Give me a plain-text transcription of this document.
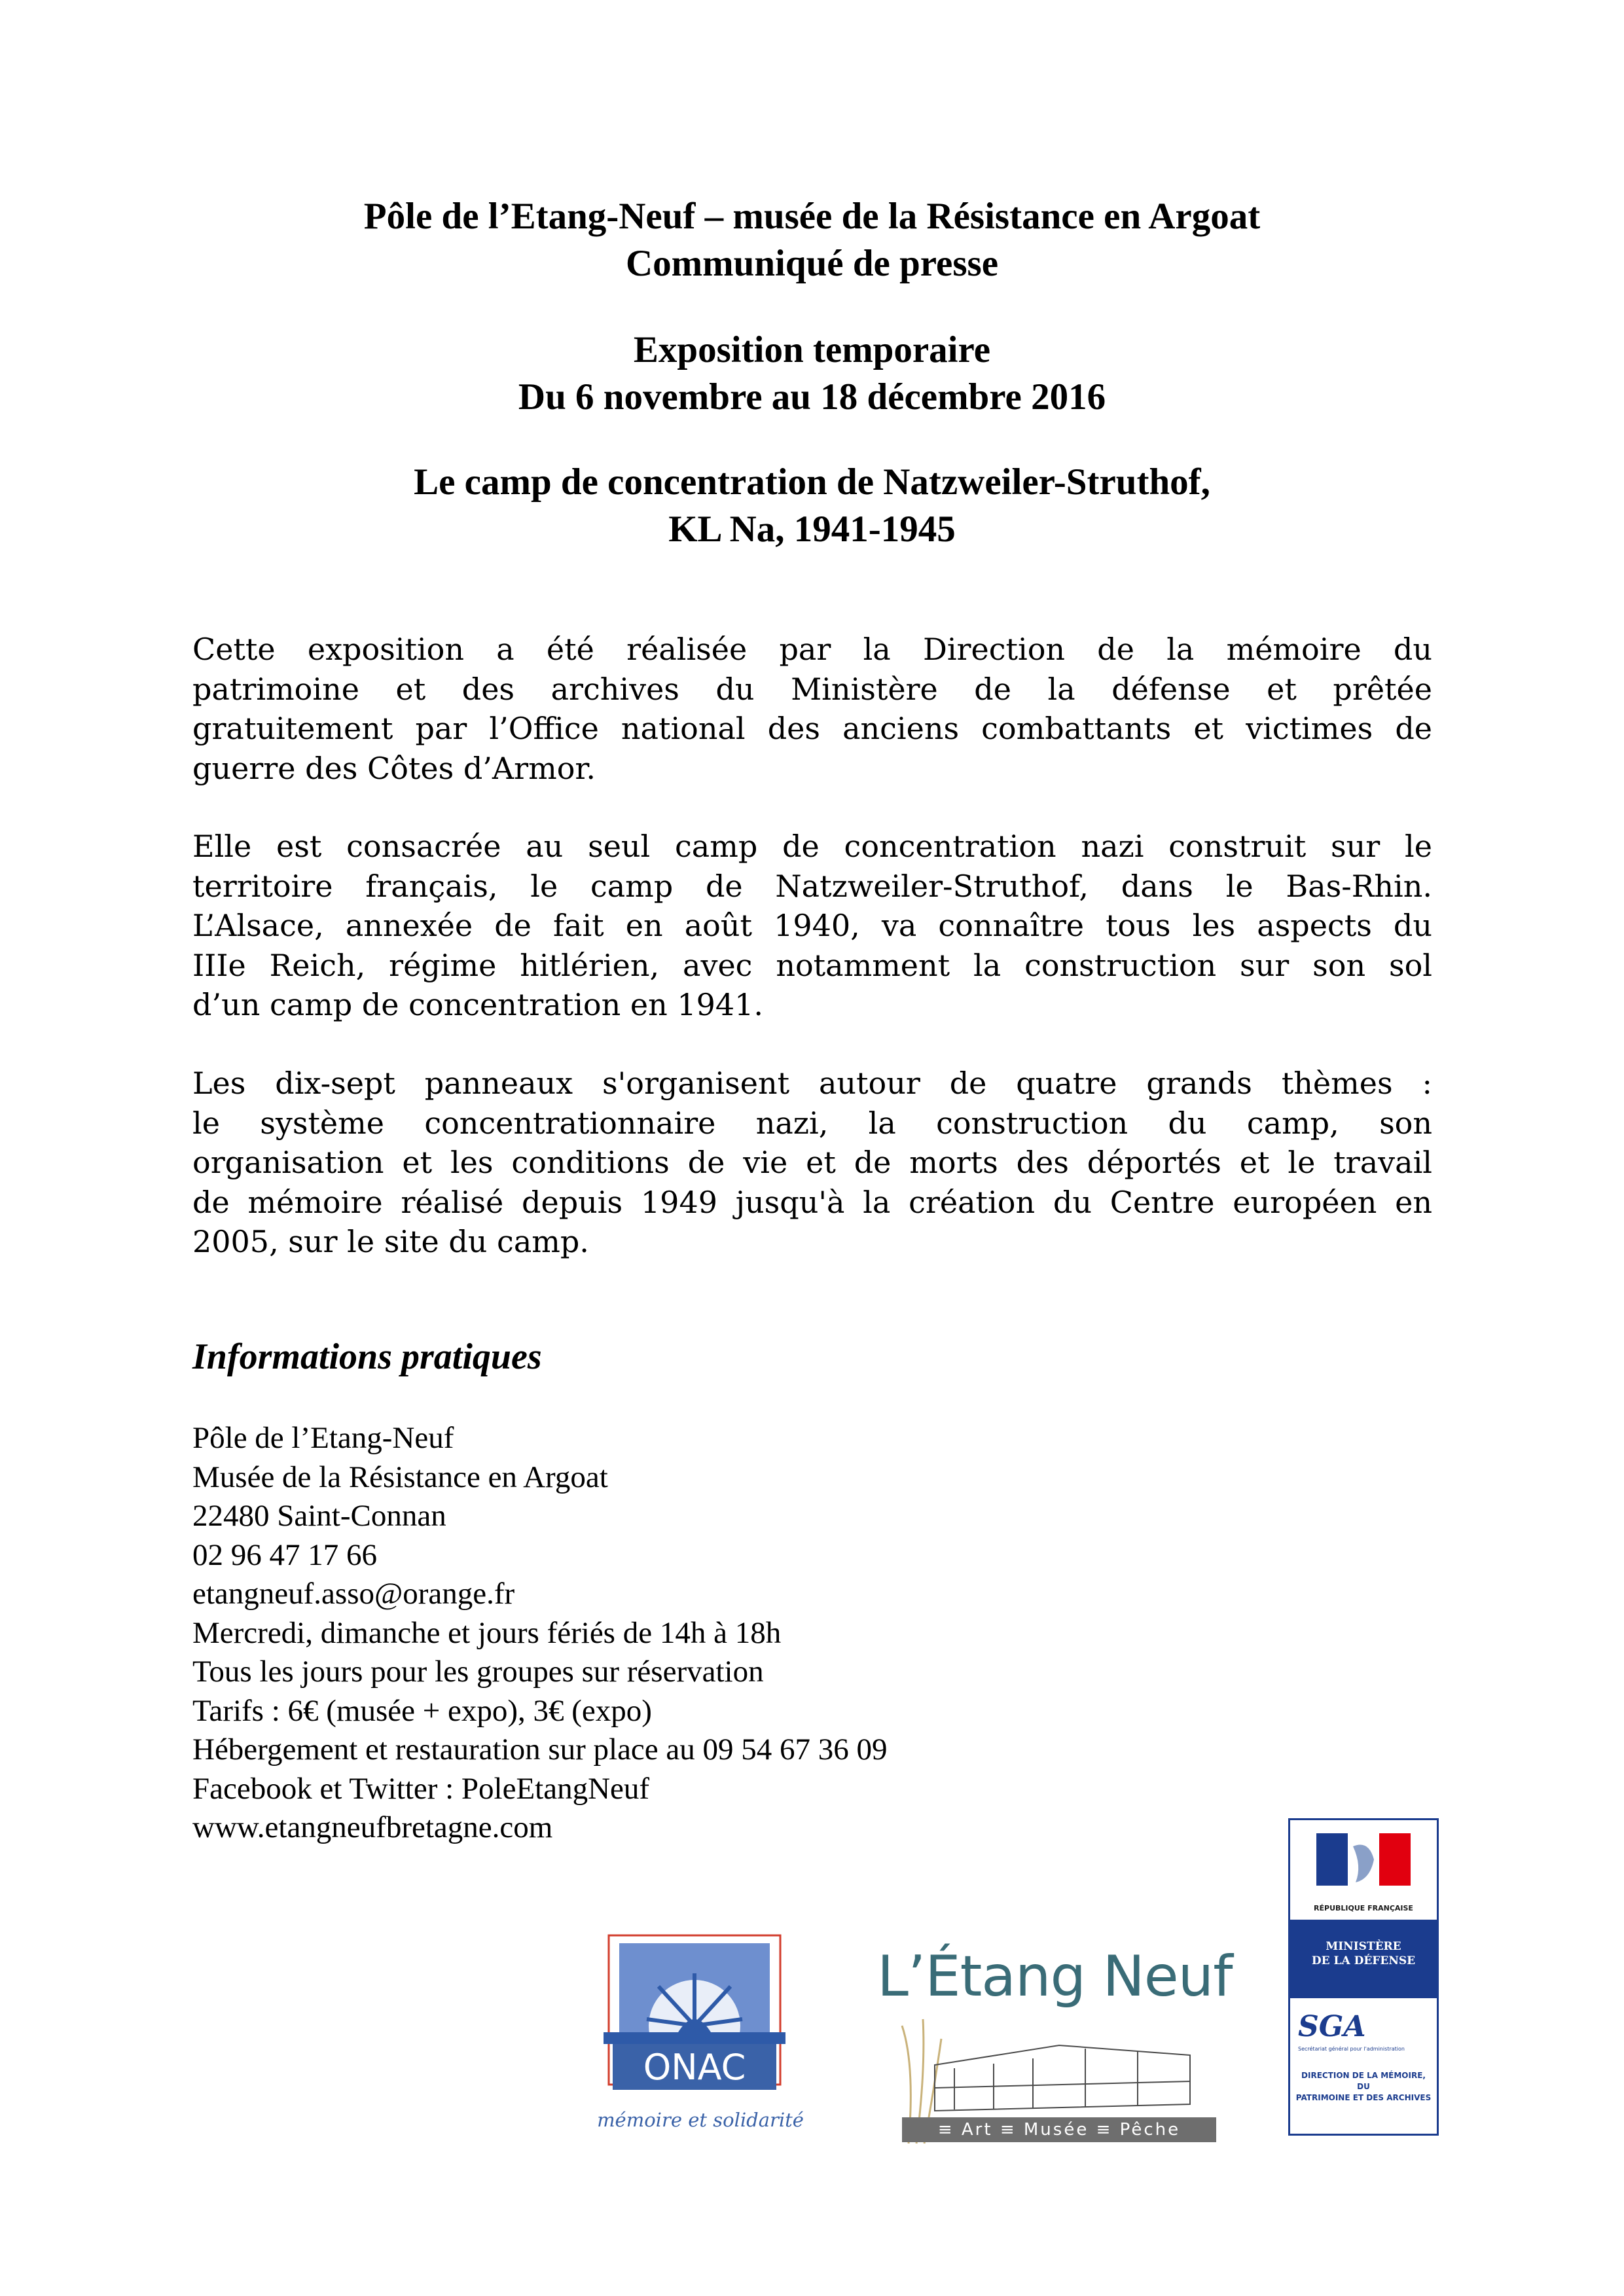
Pôle de l’Etang-Neuf – musée de la Résistance en Argoat
Communiqué de presse
Exposition temporaire
Du 6 novembre au 18 décembre 2016
Le camp de concentration de Natzweiler-Struthof,
KL Na, 1941-1945

Cette exposition a été réalisée par la Direction de la mémoire du
patrimoine et des archives du Ministère de la défense et prêtée
gratuitement par l’Office national des anciens combattants et victimes de
guerre des Côtes d’Armor.

Elle est consacrée au seul camp de concentration nazi construit sur le
territoire français, le camp de Natzweiler-Struthof, dans le Bas-Rhin.
L’Alsace, annexée de fait en août 1940, va connaître tous les aspects du
IIIe Reich, régime hitlérien, avec notamment la construction sur son sol
d’un camp de concentration en 1941.

Les dix-sept panneaux s'organisent autour de quatre grands thèmes :
le système concentrationnaire nazi, la construction du camp, son
organisation et les conditions de vie et de morts des déportés et le travail
de mémoire réalisé depuis 1949 jusqu'à la création du Centre européen en
2005, sur le site du camp.

Informations pratiques
Pôle de l’Etang-Neuf
Musée de la Résistance en Argoat
22480 Saint-Connan
02 96 47 17 66
etangneuf.asso@orange.fr
Mercredi, dimanche et jours fériés de 14h à 18h
Tous les jours pour les groupes sur réservation
Tarifs : 6€ (musée + expo), 3€ (expo)
Hébergement et restauration sur place au 09 54 67 36 09
Facebook et Twitter : PoleEtangNeuf
www.etangneufbretagne.com
ONAC
mémoire et solidarité
L’Étang Neuf
≡ Art ≡ Musée ≡ Pêche
RÉPUBLIQUE FRANÇAISE
MINISTÈRE
DE LA DÉFENSE
SGA
Secrétariat général pour l'administration
DIRECTION DE LA MÉMOIRE, DU
PATRIMOINE ET DES ARCHIVES
